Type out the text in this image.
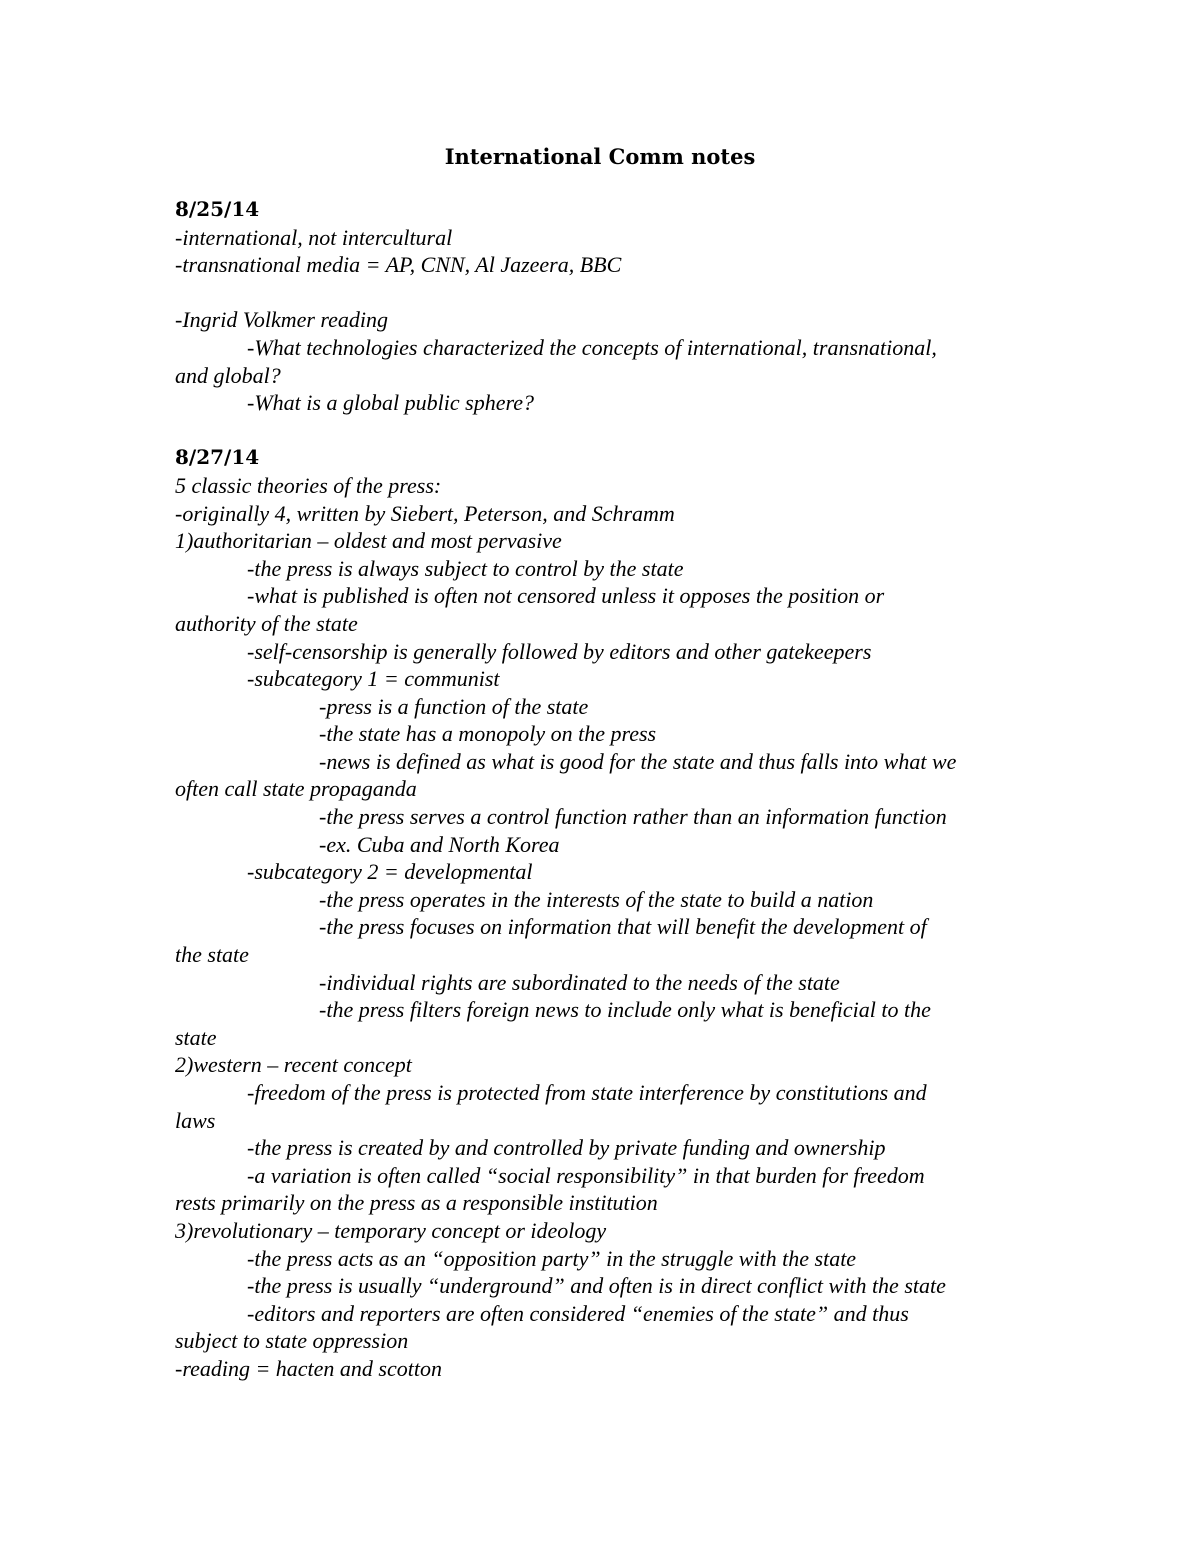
International Comm notes
8/25/14
-international, not intercultural
-transnational media = AP, CNN, Al Jazeera, BBC
-Ingrid Volkmer reading
-What technologies characterized the concepts of international, transnational,
and global?
-What is a global public sphere?
8/27/14
5 classic theories of the press:
-originally 4, written by Siebert, Peterson, and Schramm
1)authoritarian – oldest and most pervasive
-the press is always subject to control by the state
-what is published is often not censored unless it opposes the position or
authority of the state
-self-censorship is generally followed by editors and other gatekeepers
-subcategory 1 = communist
-press is a function of the state
-the state has a monopoly on the press
-news is defined as what is good for the state and thus falls into what we
often call state propaganda
-the press serves a control function rather than an information function
-ex. Cuba and North Korea
-subcategory 2 = developmental
-the press operates in the interests of the state to build a nation
-the press focuses on information that will benefit the development of
the state
-individual rights are subordinated to the needs of the state
-the press filters foreign news to include only what is beneficial to the
state
2)western – recent concept
-freedom of the press is protected from state interference by constitutions and
laws
-the press is created by and controlled by private funding and ownership
-a variation is often called “social responsibility” in that burden for freedom
rests primarily on the press as a responsible institution
3)revolutionary – temporary concept or ideology
-the press acts as an “opposition party” in the struggle with the state
-the press is usually “underground” and often is in direct conflict with the state
-editors and reporters are often considered “enemies of the state” and thus
subject to state oppression
-reading = hacten and scotton
